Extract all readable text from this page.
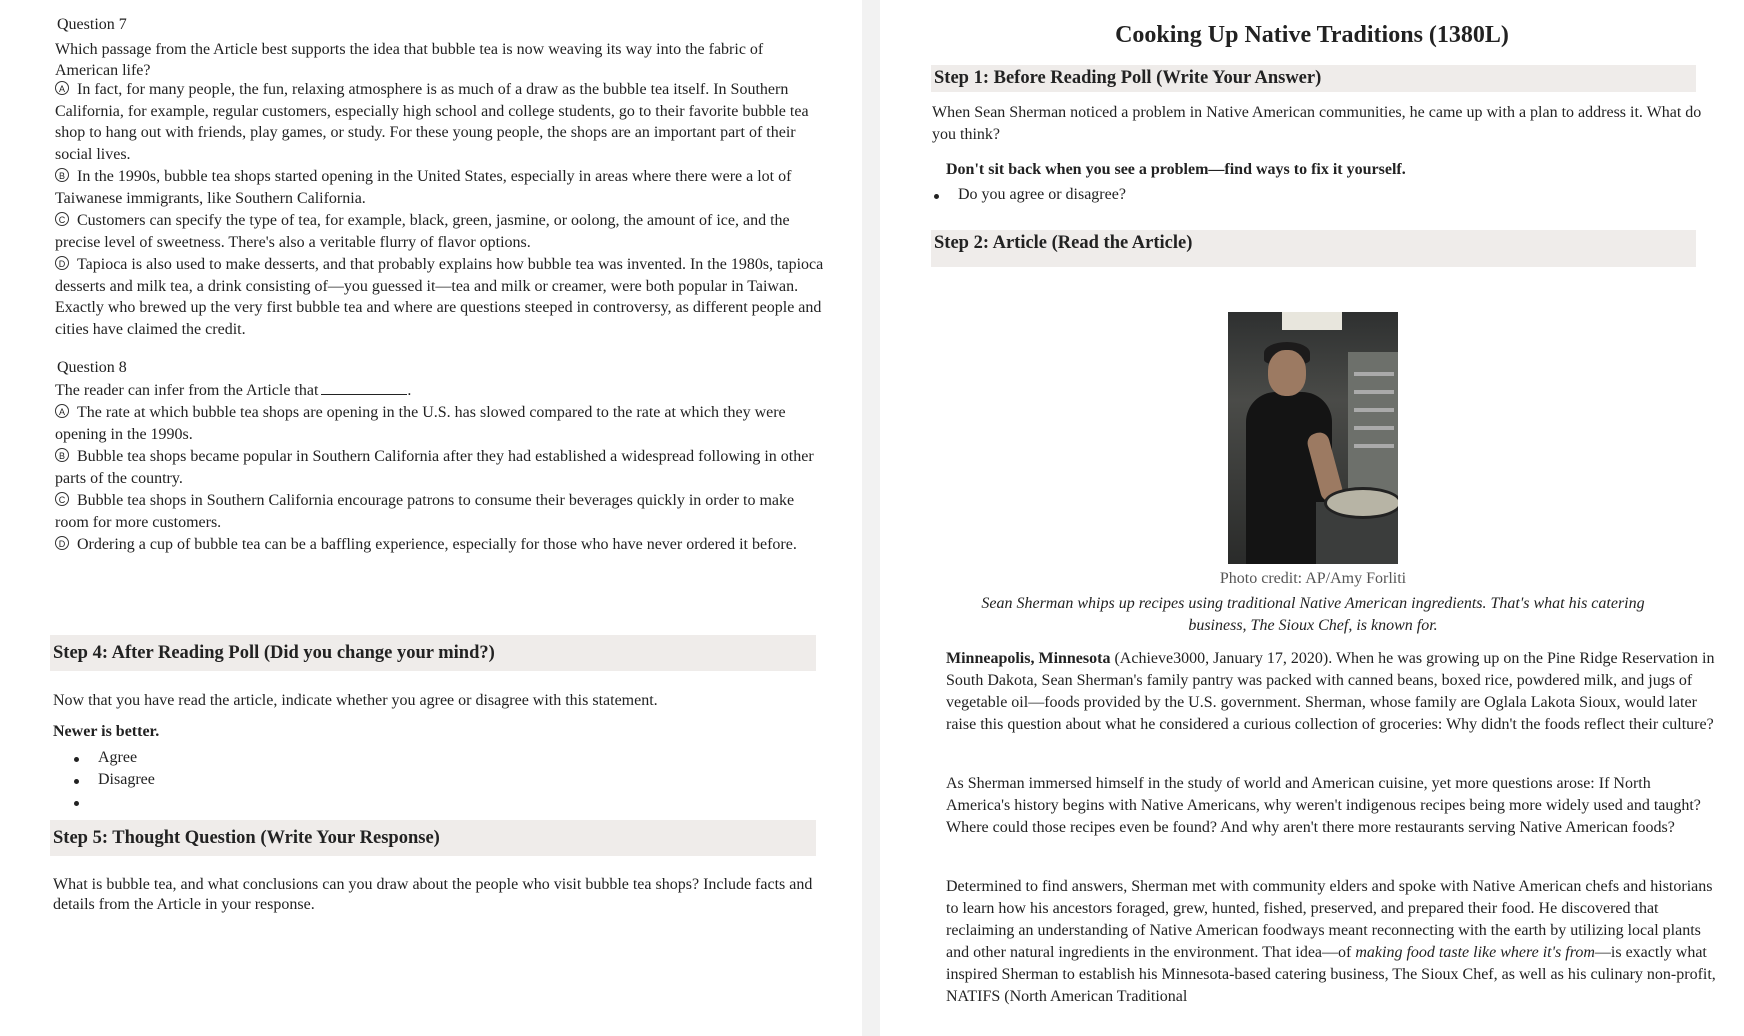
Question 7
Which passage from the Article best supports the idea that bubble tea is now weaving its way into the fabric of American life?
A In fact, for many people, the fun, relaxing atmosphere is as much of a draw as the bubble tea itself. In Southern California, for example, regular customers, especially high school and college students, go to their favorite bubble tea shop to hang out with friends, play games, or study. For these young people, the shops are an important part of their social lives.
B In the 1990s, bubble tea shops started opening in the United States, especially in areas where there were a lot of Taiwanese immigrants, like Southern California.
C Customers can specify the type of tea, for example, black, green, jasmine, or oolong, the amount of ice, and the precise level of sweetness. There's also a veritable flurry of flavor options.
D Tapioca is also used to make desserts, and that probably explains how bubble tea was invented. In the 1980s, tapioca desserts and milk tea, a drink consisting of—you guessed it—tea and milk or creamer, were both popular in Taiwan. Exactly who brewed up the very first bubble tea and where are questions steeped in controversy, as different people and cities have claimed the credit.
Question 8
The reader can infer from the Article that	.
A The rate at which bubble tea shops are opening in the U.S. has slowed compared to the rate at which they were opening in the 1990s.
B Bubble tea shops became popular in Southern California after they had established a widespread following in other parts of the country.
C Bubble tea shops in Southern California encourage patrons to consume their beverages quickly in order to make room for more customers.
D Ordering a cup of bubble tea can be a baffling experience, especially for those who have never ordered it before.
Step 4: After Reading Poll (Did you change your mind?)
Now that you have read the article, indicate whether you agree or disagree with this statement.
Newer is better.
Agree
Disagree
Step 5: Thought Question (Write Your Response)
What is bubble tea, and what conclusions can you draw about the people who visit bubble tea shops? Include facts and details from the Article in your response.
Cooking Up Native Traditions (1380L)
Step 1: Before Reading Poll (Write Your Answer)
When Sean Sherman noticed a problem in Native American communities, he came up with a plan to address it. What do you think?
Don't sit back when you see a problem—find ways to fix it yourself.
Do you agree or disagree?
Step 2: Article (Read the Article)
Photo credit: AP/Amy Forliti
Sean Sherman whips up recipes using traditional Native American ingredients. That's what his catering business, The Sioux Chef, is known for.
Minneapolis, Minnesota (Achieve3000, January 17, 2020). When he was growing up on the Pine Ridge Reservation in South Dakota, Sean Sherman's family pantry was packed with canned beans, boxed rice, powdered milk, and jugs of vegetable oil—foods provided by the U.S. government. Sherman, whose family are Oglala Lakota Sioux, would later raise this question about what he considered a curious collection of groceries: Why didn't the foods reflect their culture?
As Sherman immersed himself in the study of world and American cuisine, yet more questions arose: If North America's history begins with Native Americans, why weren't indigenous recipes being more widely used and taught? Where could those recipes even be found? And why aren't there more restaurants serving Native American foods?
Determined to find answers, Sherman met with community elders and spoke with Native American chefs and historians to learn how his ancestors foraged, grew, hunted, fished, preserved, and prepared their food. He discovered that reclaiming an understanding of Native American foodways meant reconnecting with the earth by utilizing local plants and other natural ingredients in the environment. That idea—of making food taste like where it's from—is exactly what inspired Sherman to establish his Minnesota-based catering business, The Sioux Chef, as well as his culinary non-profit, NATIFS (North American Traditional
